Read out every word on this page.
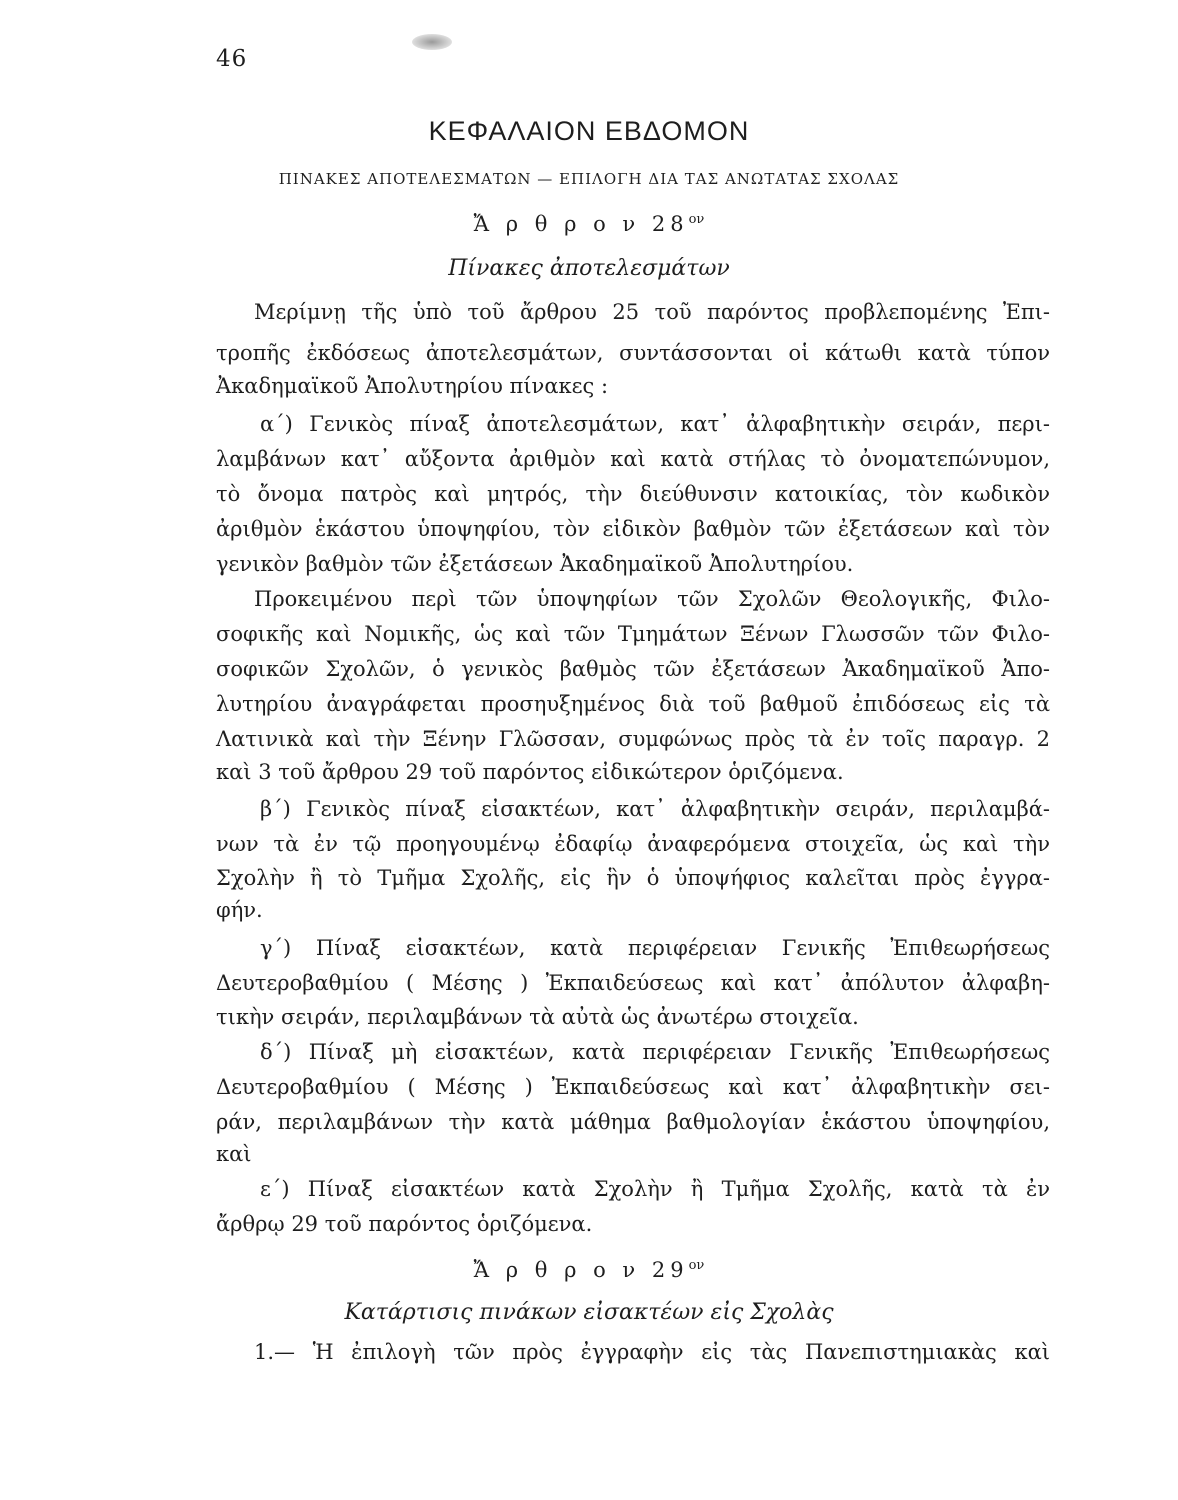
46
ΚΕΦΑΛΑΙΟΝ ΕΒΔΟΜΟΝ
ΠΙΝΑΚΕΣ ΑΠΟΤΕΛΕΣΜΑΤΩΝ — ΕΠΙΛΟΓΗ ΔΙΑ ΤΑΣ ΑΝΩΤΑΤΑΣ ΣΧΟΛΑΣ
Ἄ ρ θ ρ ο ν $28^{o\nu}$
Πίνακες ἀποτελεσμάτων
Μερίμνῃ τῆς ὑπὸ τοῦ ἄρθρου 25 τοῦ παρόντος προβλεπομένης Ἐπι-
τροπῆς ἐκδόσεως ἀποτελεσμάτων, συντάσσονται οἱ κάτωθι κατὰ τύπον
Ἀκαδημαϊκοῦ Ἀπολυτηρίου πίνακες :
α΄) Γενικὸς πίναξ ἀποτελεσμάτων, κατ᾽ ἀλφαβητικὴν σειράν, περι-
λαμβάνων κατ᾽ αὔξοντα ἀριθμὸν καὶ κατὰ στήλας τὸ ὀνοματεπώνυμον,
τὸ ὄνομα πατρὸς καὶ μητρός, τὴν διεύθυνσιν κατοικίας, τὸν κωδικὸν
ἀριθμὸν ἑκάστου ὑποψηφίου, τὸν εἰδικὸν βαθμὸν τῶν ἐξετάσεων καὶ τὸν
γενικὸν βαθμὸν τῶν ἐξετάσεων Ἀκαδημαϊκοῦ Ἀπολυτηρίου.
Προκειμένου περὶ τῶν ὑποψηφίων τῶν Σχολῶν Θεολογικῆς, Φιλο-
σοφικῆς καὶ Νομικῆς, ὡς καὶ τῶν Τμημάτων Ξένων Γλωσσῶν τῶν Φιλο-
σοφικῶν Σχολῶν, ὁ γενικὸς βαθμὸς τῶν ἐξετάσεων Ἀκαδημαϊκοῦ Ἀπο-
λυτηρίου ἀναγράφεται προσηυξημένος διὰ τοῦ βαθμοῦ ἐπιδόσεως εἰς τὰ
Λατινικὰ καὶ τὴν Ξένην Γλῶσσαν, συμφώνως πρὸς τὰ ἐν τοῖς παραγρ. 2
καὶ 3 τοῦ ἄρθρου 29 τοῦ παρόντος εἰδικώτερον ὁριζόμενα.
β΄) Γενικὸς πίναξ εἰσακτέων, κατ᾽ ἀλφαβητικὴν σειράν, περιλαμβά-
νων τὰ ἐν τῷ προηγουμένῳ ἐδαφίῳ ἀναφερόμενα στοιχεῖα, ὡς καὶ τὴν
Σχολὴν ἢ τὸ Τμῆμα Σχολῆς, εἰς ἣν ὁ ὑποψήφιος καλεῖται πρὸς ἐγγρα-
φήν.
γ΄) Πίναξ εἰσακτέων, κατὰ περιφέρειαν Γενικῆς Ἐπιθεωρήσεως
Δευτεροβαθμίου ( Μέσης ) Ἐκπαιδεύσεως καὶ κατ᾽ ἀπόλυτον ἀλφαβη-
τικὴν σειράν, περιλαμβάνων τὰ αὐτὰ ὡς ἀνωτέρω στοιχεῖα.
δ΄) Πίναξ μὴ εἰσακτέων, κατὰ περιφέρειαν Γενικῆς Ἐπιθεωρήσεως
Δευτεροβαθμίου ( Μέσης ) Ἐκπαιδεύσεως καὶ κατ᾽ ἀλφαβητικὴν σει-
ράν, περιλαμβάνων τὴν κατὰ μάθημα βαθμολογίαν ἑκάστου ὑποψηφίου,
καὶ
ε΄) Πίναξ εἰσακτέων κατὰ Σχολὴν ἢ Τμῆμα Σχολῆς, κατὰ τὰ ἐν
ἄρθρῳ 29 τοῦ παρόντος ὁριζόμενα.
Ἄ ρ θ ρ ο ν $29^{o\nu}$
Κατάρτισις πινάκων εἰσακτέων εἰς Σχολὰς
1.— Ἡ ἐπιλογὴ τῶν πρὸς ἐγγραφὴν εἰς τὰς Πανεπιστημιακὰς καὶ
